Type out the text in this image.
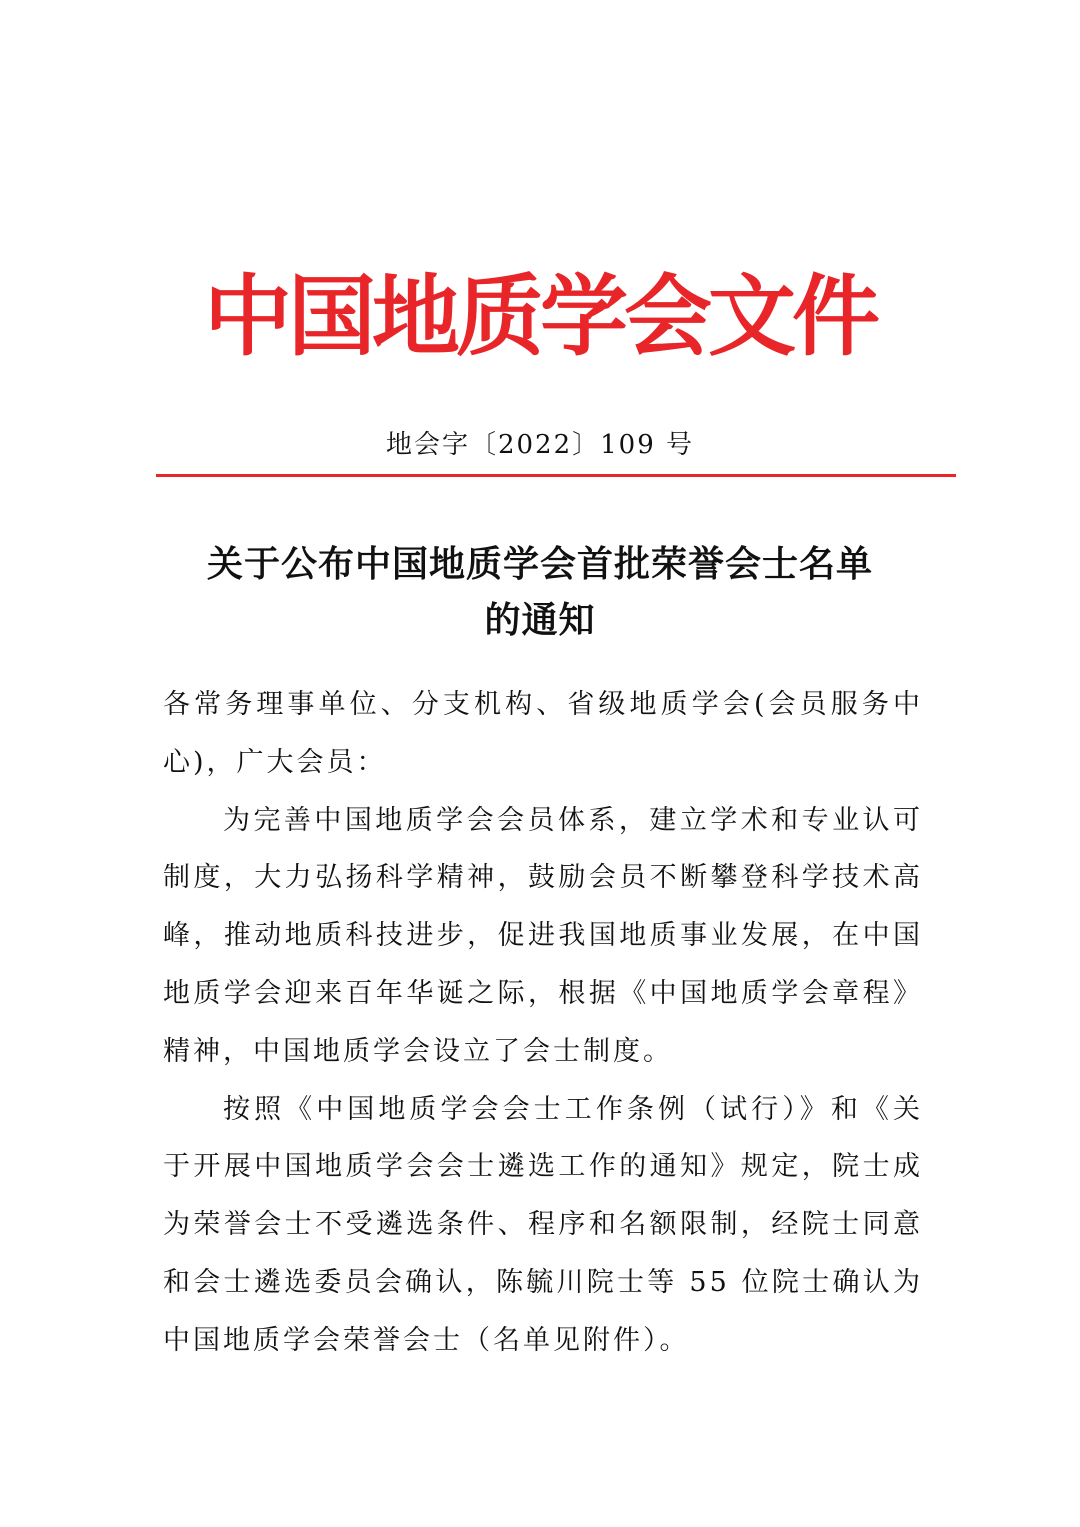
中国地质学会文件
地会字〔2022〕109 号
关于公布中国地质学会首批荣誉会士名单
的通知

各常务理事单位、分支机构、省级地质学会(会员服务中心)，广大会员：

为完善中国地质学会会员体系，建立学术和专业认可制度，大力弘扬科学精神，鼓励会员不断攀登科学技术高峰，推动地质科技进步，促进我国地质事业发展，在中国地质学会迎来百年华诞之际，根据《中国地质学会章程》精神，中国地质学会设立了会士制度。

按照《中国地质学会会士工作条例（试行）》和《关于开展中国地质学会会士遴选工作的通知》规定，院士成为荣誉会士不受遴选条件、程序和名额限制，经院士同意和会士遴选委员会确认，陈毓川院士等 55 位院士确认为中国地质学会荣誉会士（名单见附件）。
